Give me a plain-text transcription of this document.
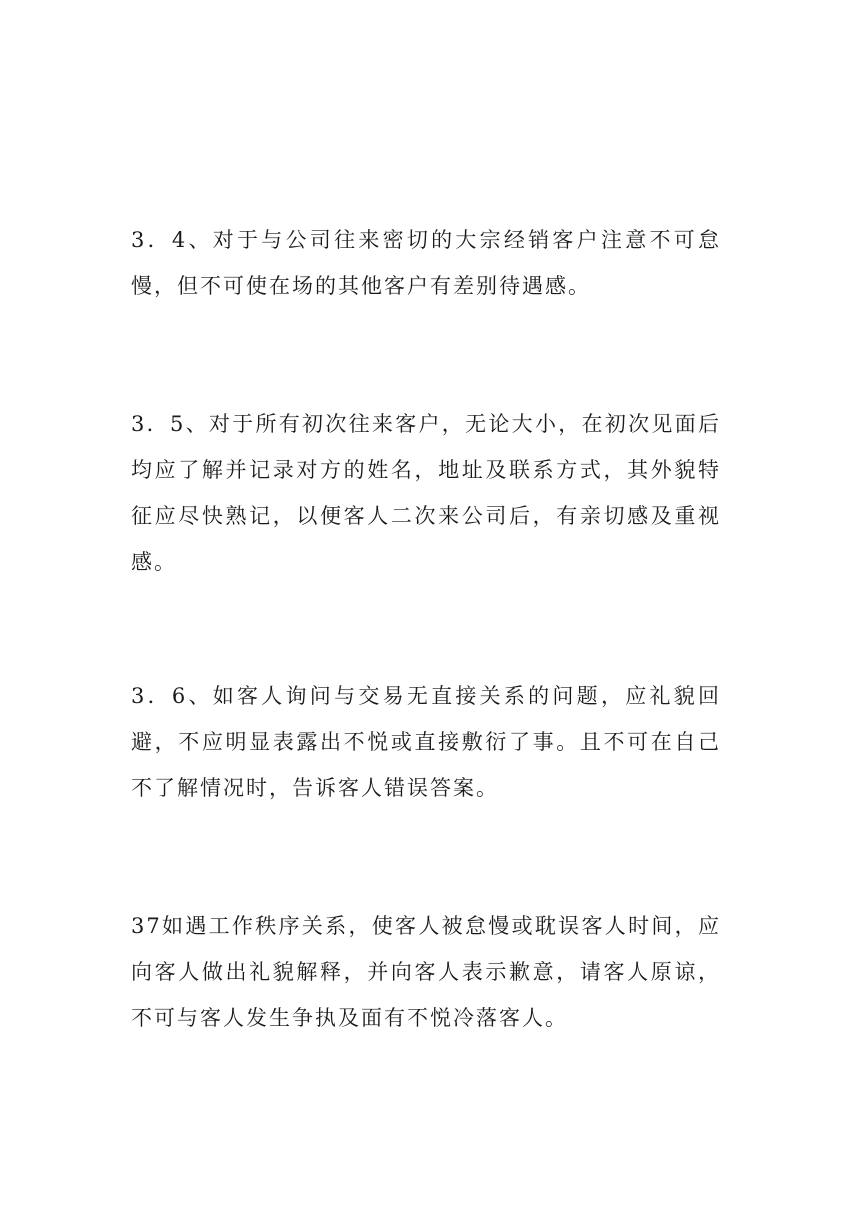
3．4、对于与公司往来密切的大宗经销客户注意不可怠慢，但不可使在场的其他客户有差别待遇感。

3．5、对于所有初次往来客户，无论大小，在初次见面后均应了解并记录对方的姓名，地址及联系方式，其外貌特征应尽快熟记，以便客人二次来公司后，有亲切感及重视感。

3．6、如客人询问与交易无直接关系的问题，应礼貌回避，不应明显表露出不悦或直接敷衍了事。且不可在自己不了解情况时，告诉客人错误答案。

37如遇工作秩序关系，使客人被怠慢或耽误客人时间，应向客人做出礼貌解释，并向客人表示歉意，请客人原谅，不可与客人发生争执及面有不悦冷落客人。
